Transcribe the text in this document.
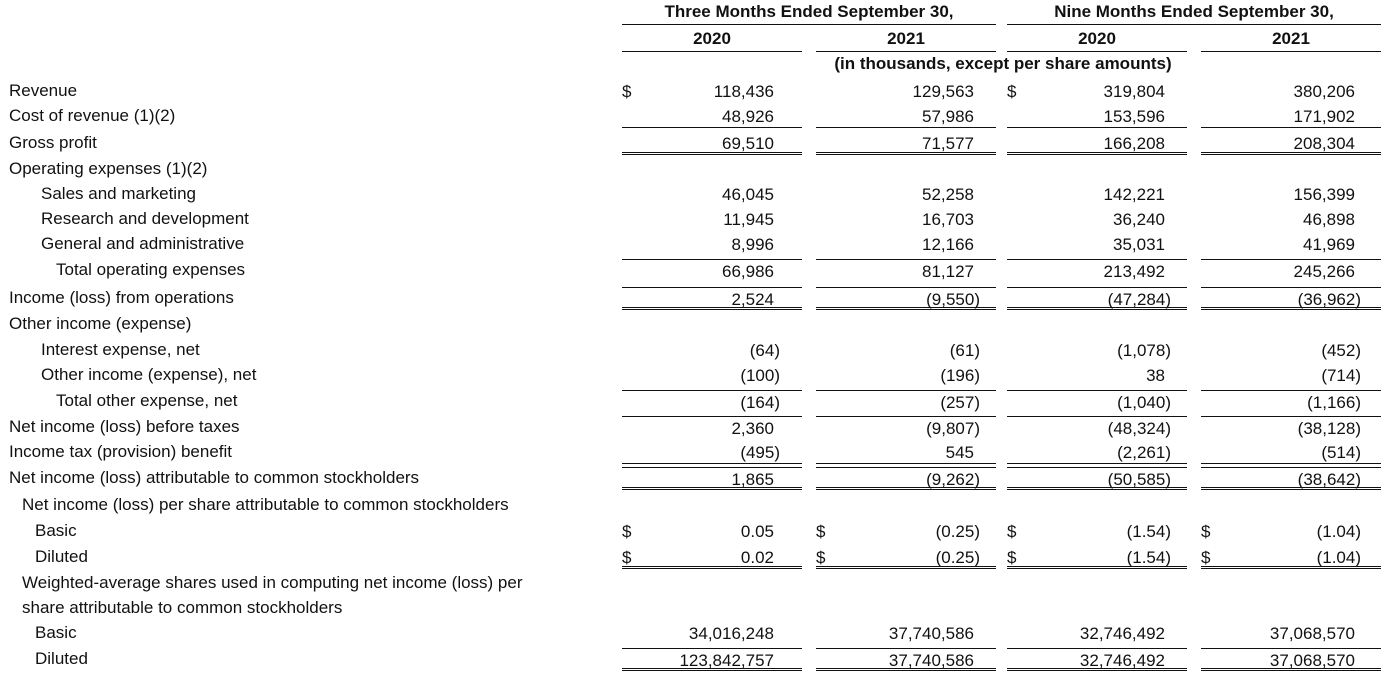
Three Months Ended September 30,	Nine Months Ended September 30,
2020	2021	2020	2021
(in thousands, except per share amounts)
Revenue	$	118,436	129,563 $	319,804	380,206
Cost of revenue (1)(2)	48,926	57,986	153,596	171,902
Gross profit	69,510	71,577	166,208	208,304
Operating expenses (1)(2)
Sales and marketing	46,045	52,258	142,221	156,399
Research and development	11,945	16,703	36,240	46,898
General and administrative	8,996	12,166	35,031	41,969
Total operating expenses	66,986	81,127	213,492	245,266
Income (loss) from operations	2,524	(9,550)	(47,284)	(36,962)
Other income (expense)
Interest expense, net	(64)	(61)	(1,078)	(452)
Other income (expense), net	(100)	(196)	38	(714)
Total other expense, net	(164)	(257)	(1,040)	(1,166)
Net income (loss) before taxes	2,360	(9,807)	(48,324)	(38,128)
Income tax (provision) benefit	(495)	545	(2,261)	(514)
Net income (loss) attributable to common stockholders	1,865	(9,262)	(50,585)	(38,642)
Net income (loss) per share attributable to common stockholders
Basic	$	0.05 $	(0.25) $	(1.54) $	(1.04)
Diluted	$	0.02 $	(0.25) $	(1.54) $	(1.04)
Weighted-average shares used in computing net income (loss) per
share attributable to common stockholders
Basic	34,016,248	37,740,586	32,746,492	37,068,570
Diluted	123,842,757	37,740,586	32,746,492	37,068,570
